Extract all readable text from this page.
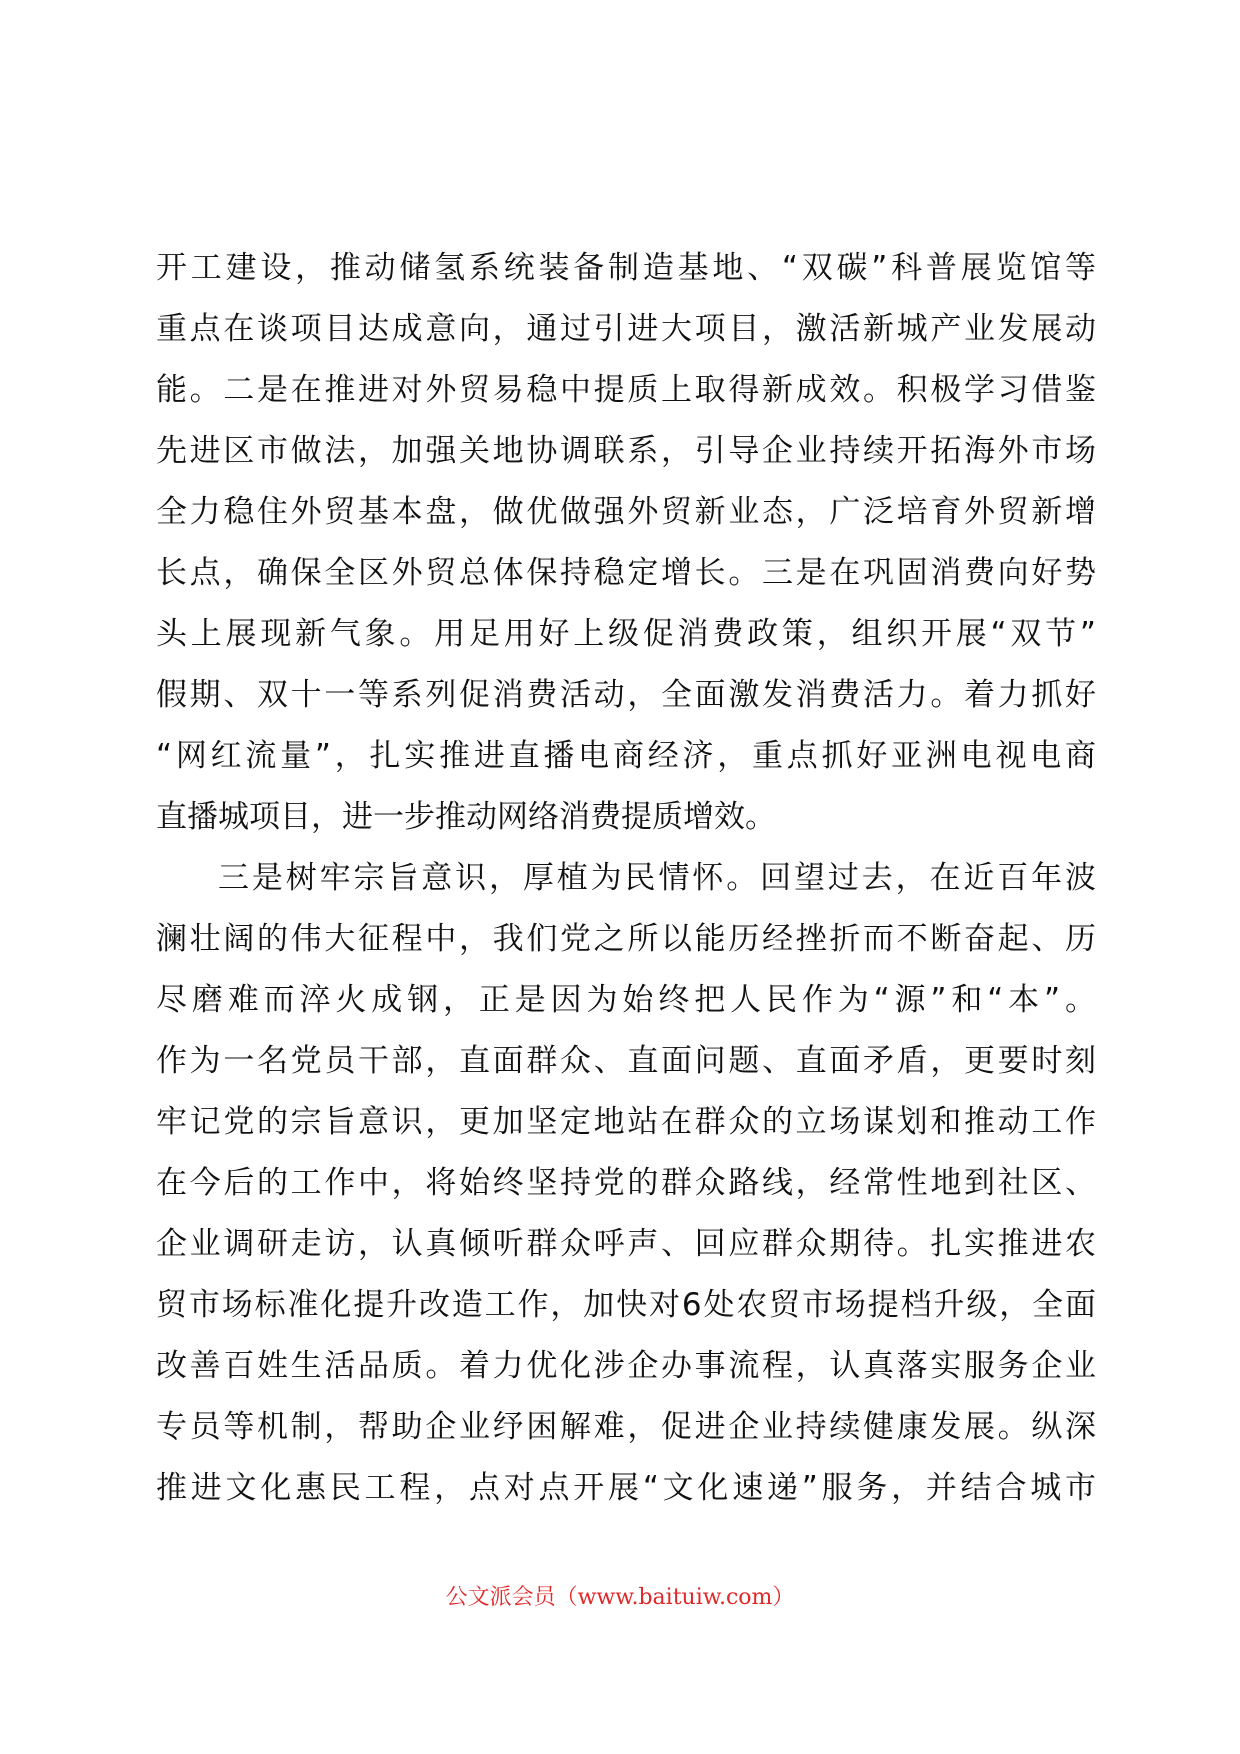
开工建设，推动储氢系统装备制造基地、“双碳”科普展览馆等
重点在谈项目达成意向，通过引进大项目，激活新城产业发展动
能。二是在推进对外贸易稳中提质上取得新成效。积极学习借鉴
先进区市做法，加强关地协调联系，引导企业持续开拓海外市场
全力稳住外贸基本盘，做优做强外贸新业态，广泛培育外贸新增
长点，确保全区外贸总体保持稳定增长。三是在巩固消费向好势
头上展现新气象。用足用好上级促消费政策，组织开展“双节”
假期、双十一等系列促消费活动，全面激发消费活力。着力抓好
“网红流量”，扎实推进直播电商经济，重点抓好亚洲电视电商
直播城项目，进一步推动网络消费提质增效。
三是树牢宗旨意识，厚植为民情怀。回望过去，在近百年波
澜壮阔的伟大征程中，我们党之所以能历经挫折而不断奋起、历
尽磨难而淬火成钢，正是因为始终把人民作为“源”和“本”。
作为一名党员干部，直面群众、直面问题、直面矛盾，更要时刻
牢记党的宗旨意识，更加坚定地站在群众的立场谋划和推动工作
在今后的工作中，将始终坚持党的群众路线，经常性地到社区、
企业调研走访，认真倾听群众呼声、回应群众期待。扎实推进农
贸市场标准化提升改造工作，加快对6处农贸市场提档升级，全面
改善百姓生活品质。着力优化涉企办事流程，认真落实服务企业
专员等机制，帮助企业纾困解难，促进企业持续健康发展。纵深
推进文化惠民工程，点对点开展“文化速递”服务，并结合城市
公文派会员（www.baituiw.com）
